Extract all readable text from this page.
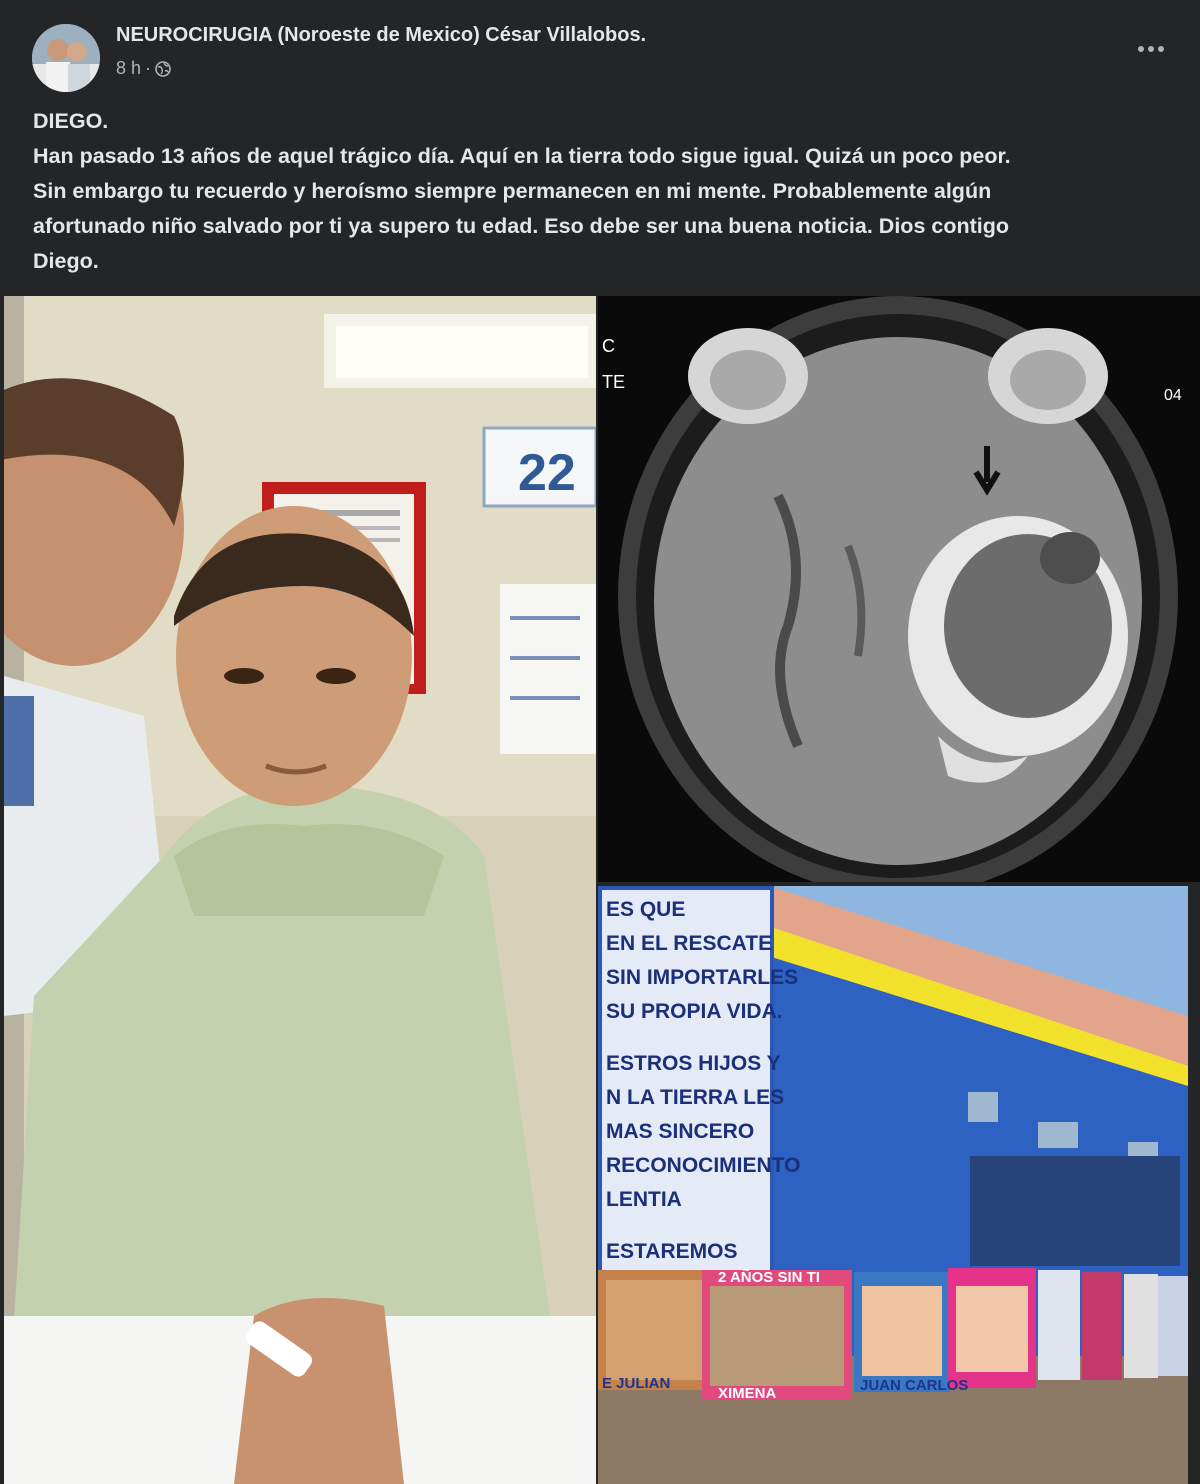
NEUROCIRUGIA (Noroeste de Mexico) César Villalobos.
8 h ·

DIEGO.

Han pasado 13 años de aquel trágico día. Aquí en la tierra todo sigue igual. Quizá un poco peor.

Sin embargo tu recuerdo y heroísmo siempre permanecen en mi mente. Probablemente algún

afortunado niño salvado por ti ya supero tu edad. Eso debe ser una buena noticia. Dios contigo

Diego.

22
C
TE
04
ES QUE
EN EL RESCATE
SIN IMPORTARLES
SU PROPIA VIDA.
ESTROS HIJOS Y
N LA TIERRA LES
MAS SINCERO
RECONOCIMIENTO
LENTIA
ESTAREMOS
E JULIAN
XIMENA	JUAN CARLOS
2 AÑOS SIN TI
